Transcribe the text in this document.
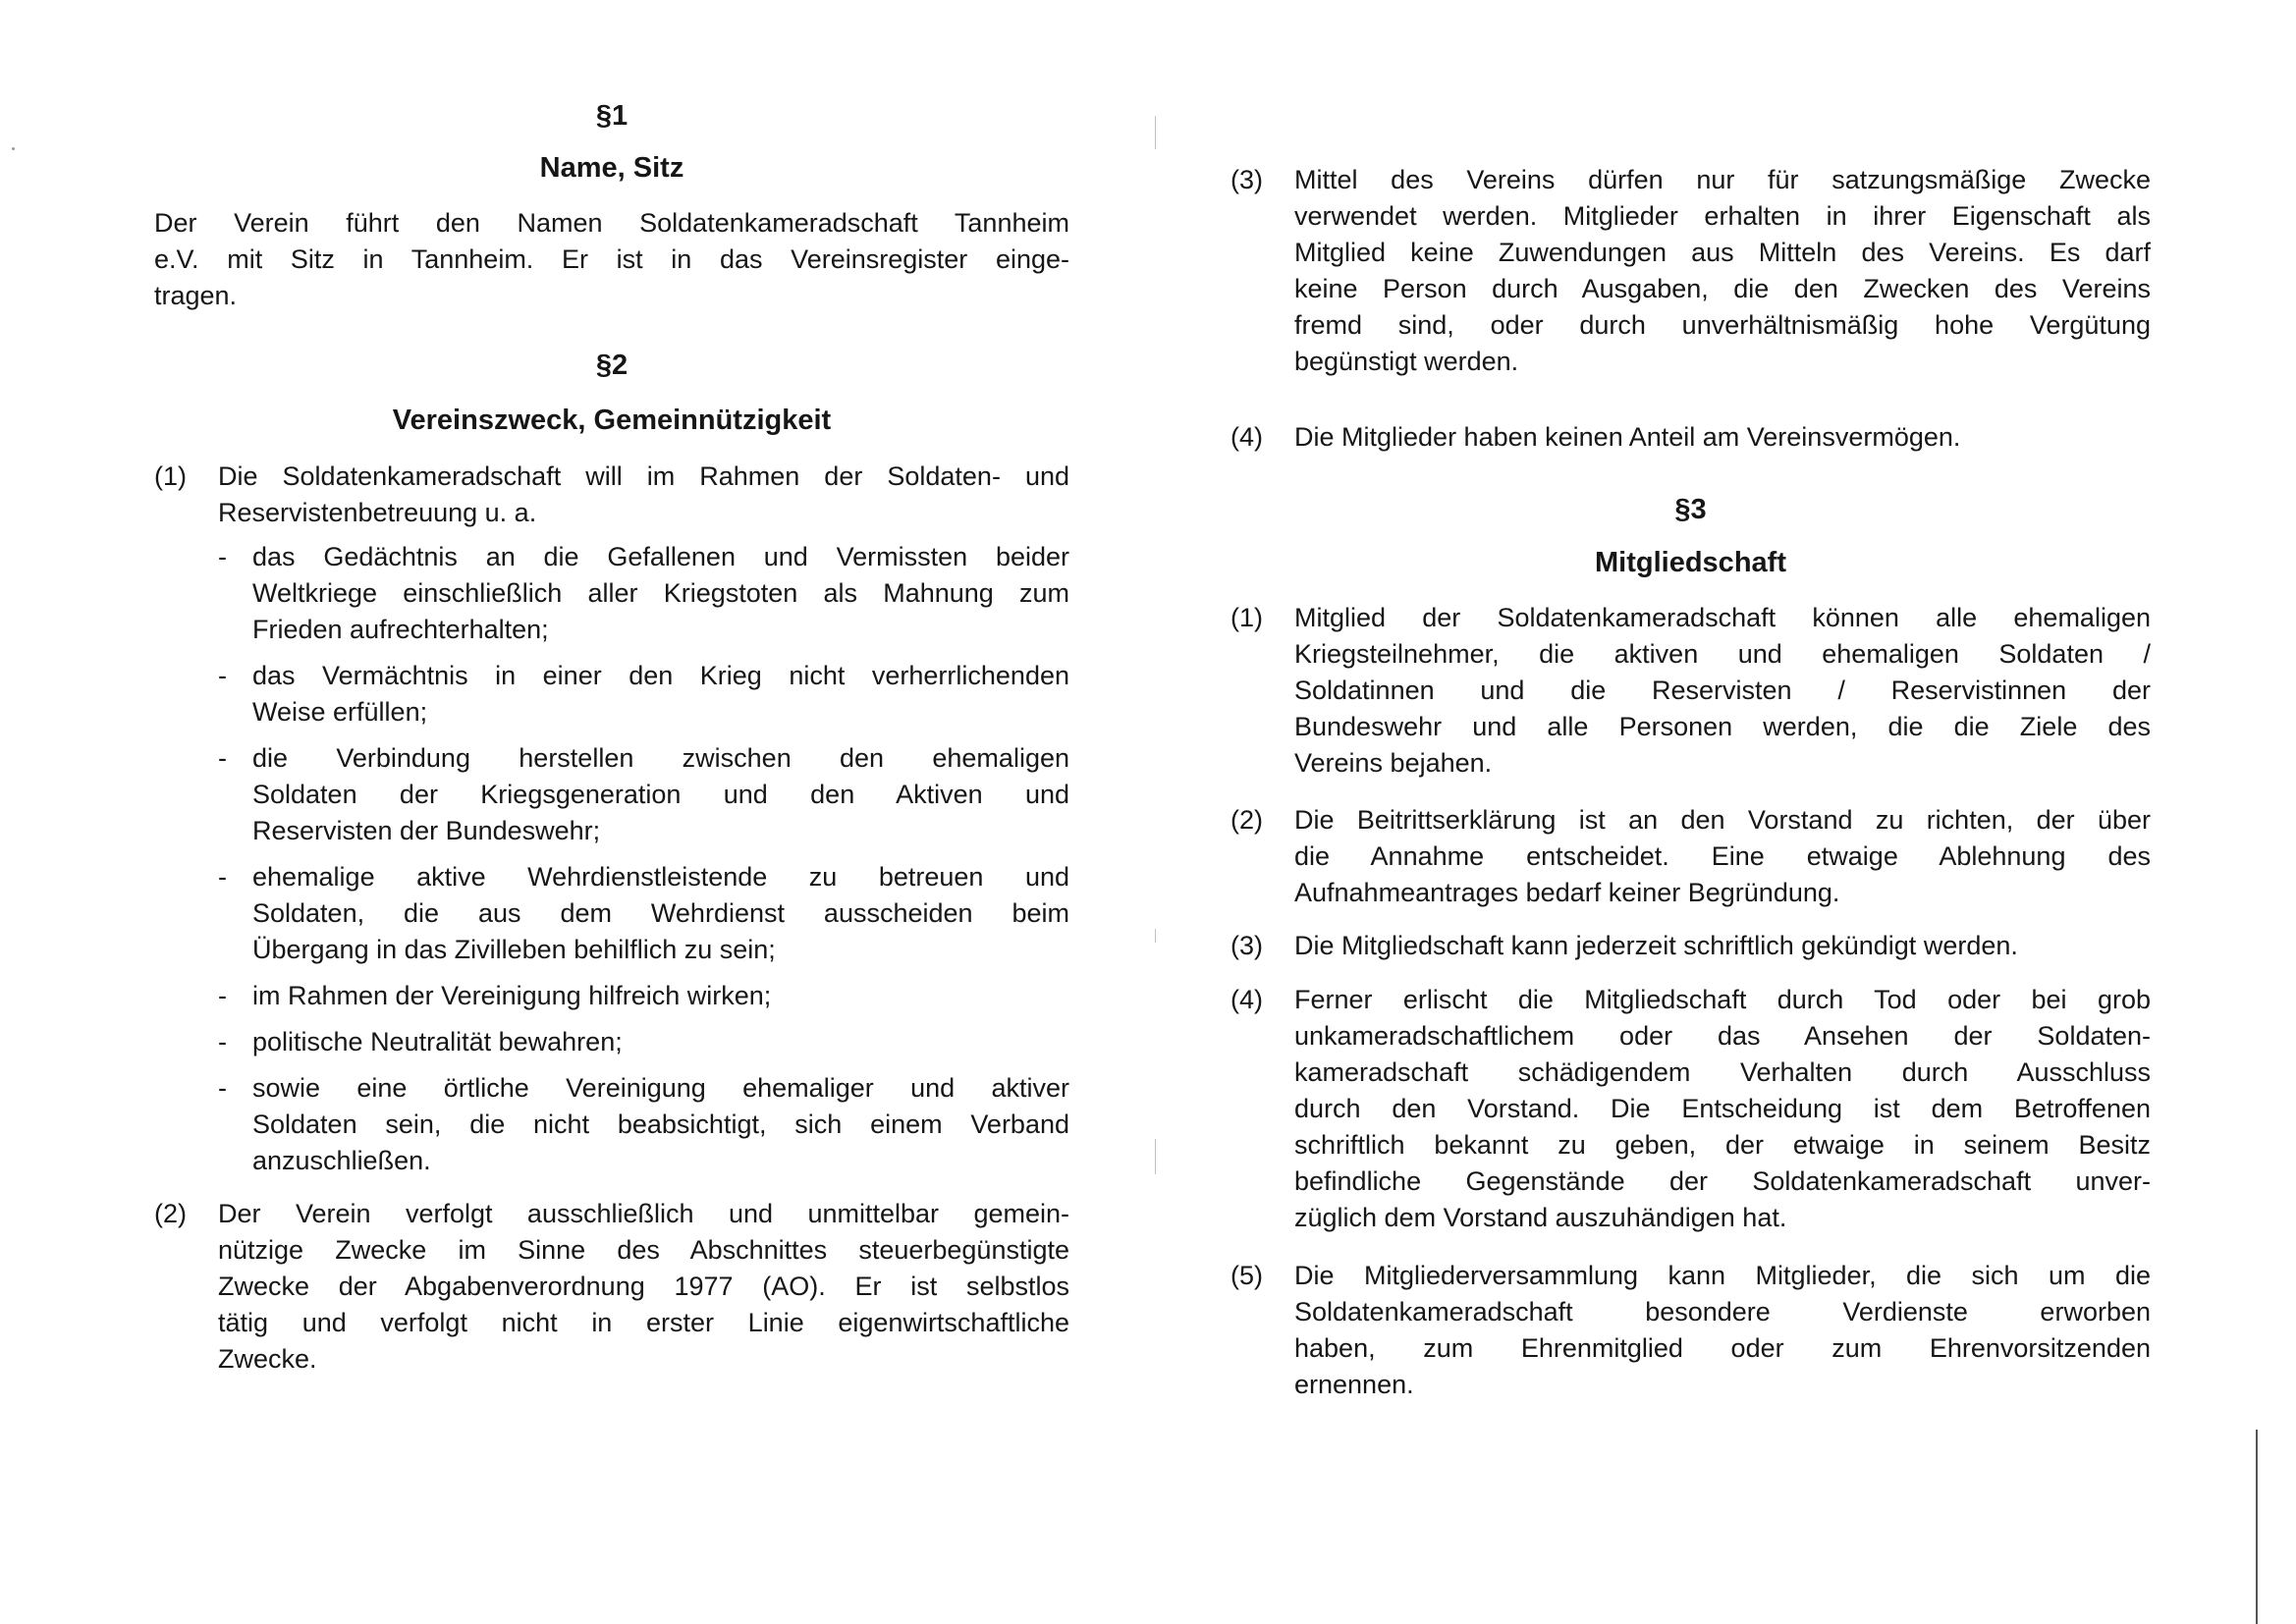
§1
Name, Sitz
Der Verein führt den Namen Soldatenkameradschaft Tannheim
e.V. mit Sitz in Tannheim. Er ist in das Vereinsregister einge-
tragen.
§2
Vereinszweck, Gemeinnützigkeit
(1)	Die Soldatenkameradschaft will im Rahmen der Soldaten- und
Reservistenbetreuung u. a.
- das Gedächtnis an die Gefallenen und Vermissten beider
Weltkriege einschließlich aller Kriegstoten als Mahnung zum
Frieden aufrechterhalten;
- das Vermächtnis in einer den Krieg nicht verherrlichenden
Weise erfüllen;
- die Verbindung herstellen zwischen den ehemaligen
Soldaten der Kriegsgeneration und den Aktiven und
Reservisten der Bundeswehr;
- ehemalige aktive Wehrdienstleistende zu betreuen und
Soldaten, die aus dem Wehrdienst ausscheiden beim
Übergang in das Zivilleben behilflich zu sein;
- im Rahmen der Vereinigung hilfreich wirken;
- politische Neutralität bewahren;
- sowie eine örtliche Vereinigung ehemaliger und aktiver
Soldaten sein, die nicht beabsichtigt, sich einem Verband
anzuschließen.
(2)	Der Verein verfolgt ausschließlich und unmittelbar gemein-
nützige Zwecke im Sinne des Abschnittes steuerbegünstigte
Zwecke der Abgabenverordnung 1977 (AO). Er ist selbstlos
tätig und verfolgt nicht in erster Linie eigenwirtschaftliche
Zwecke.
(3)	Mittel des Vereins dürfen nur für satzungsmäßige Zwecke
verwendet werden. Mitglieder erhalten in ihrer Eigenschaft als
Mitglied keine Zuwendungen aus Mitteln des Vereins. Es darf
keine Person durch Ausgaben, die den Zwecken des Vereins
fremd sind, oder durch unverhältnismäßig hohe Vergütung
begünstigt werden.
(4)	Die Mitglieder haben keinen Anteil am Vereinsvermögen.
§3
Mitgliedschaft
(1)	Mitglied der Soldatenkameradschaft können alle ehemaligen
Kriegsteilnehmer, die aktiven und ehemaligen Soldaten /
Soldatinnen und die Reservisten / Reservistinnen der
Bundeswehr und alle Personen werden, die die Ziele des
Vereins bejahen.
(2)	Die Beitrittserklärung ist an den Vorstand zu richten, der über
die Annahme entscheidet. Eine etwaige Ablehnung des
Aufnahmeantrages bedarf keiner Begründung.
(3)	Die Mitgliedschaft kann jederzeit schriftlich gekündigt werden.
(4)	Ferner erlischt die Mitgliedschaft durch Tod oder bei grob
unkameradschaftlichem oder das Ansehen der Soldaten-
kameradschaft schädigendem Verhalten durch Ausschluss
durch den Vorstand. Die Entscheidung ist dem Betroffenen
schriftlich bekannt zu geben, der etwaige in seinem Besitz
befindliche Gegenstände der Soldatenkameradschaft unver-
züglich dem Vorstand auszuhändigen hat.
(5)	Die Mitgliederversammlung kann Mitglieder, die sich um die
Soldatenkameradschaft besondere Verdienste erworben
haben, zum Ehrenmitglied oder zum Ehrenvorsitzenden
ernennen.
